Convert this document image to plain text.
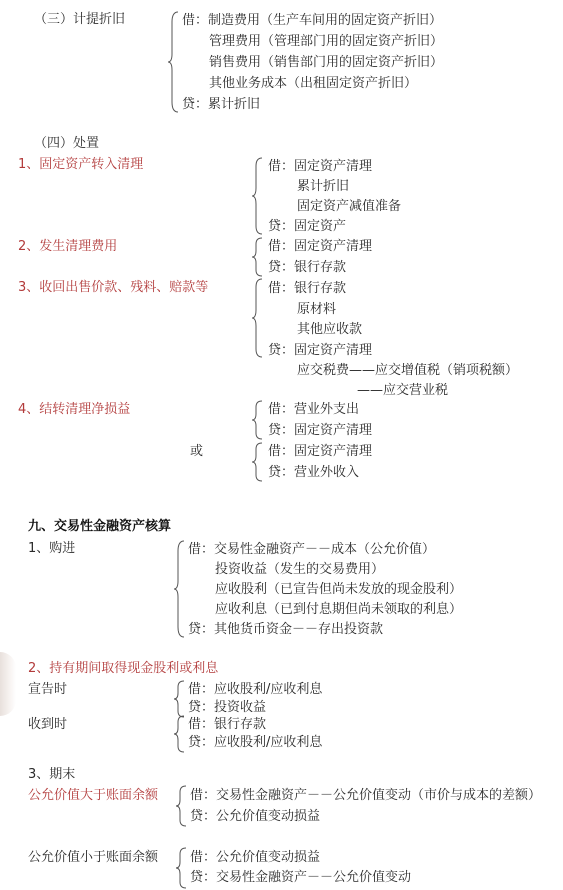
（三）计提折旧	借：制造费用（生产车间用的固定资产折旧）
管理费用（管理部门用的固定资产折旧）
销售费用（销售部门用的固定资产折旧）
其他业务成本（出租固定资产折旧）
贷：累计折旧
（四）处置
1、固定资产转入清理	借：固定资产清理
累计折旧
固定资产减值准备
贷：固定资产
2、发生清理费用	借：固定资产清理
贷：银行存款
3、收回出售价款、残料、赔款等	借：银行存款
原材料
其他应收款
贷：固定资产清理
应交税费——应交增值税（销项税额）
——应交营业税
4、结转清理净损益	借：营业外支出
贷：固定资产清理
或	借：固定资产清理
贷：营业外收入
九、交易性金融资产核算
1、购进	借：交易性金融资产－－成本（公允价值）
投资收益（发生的交易费用）
应收股利（已宣告但尚未发放的现金股利）
应收利息（已到付息期但尚未领取的利息）
贷：其他货币资金－－存出投资款
2、持有期间取得现金股利或利息
宣告时	借：应收股利/应收利息
贷：投资收益
收到时	借：银行存款
贷：应收股利/应收利息
3、期末
公允价值大于账面余额 借：交易性金融资产－－公允价值变动（市价与成本的差额）
贷：公允价值变动损益
公允价值小于账面余额 借：公允价值变动损益
贷：交易性金融资产－－公允价值变动
